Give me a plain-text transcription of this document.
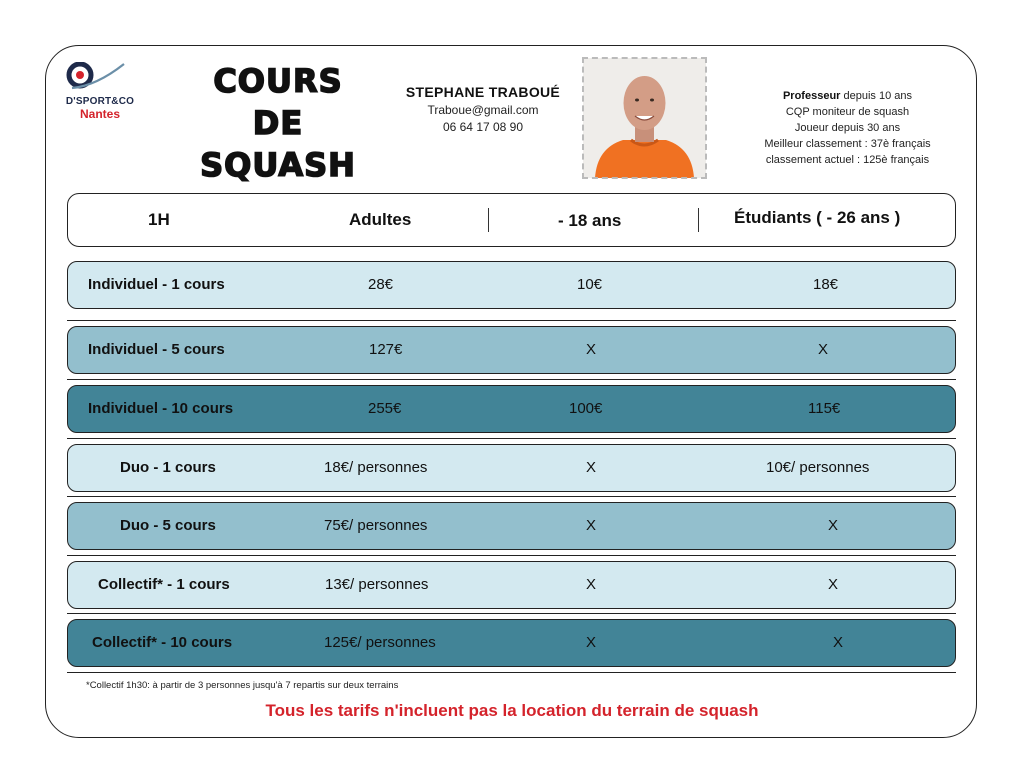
D'SPORT&CO
Nantes
COURS
DE
SQUASH
STEPHANE TRABOUÉ
Traboue@gmail.com
06 64 17 08 90
Professeur depuis 10 ans
CQP moniteur de squash
Joueur depuis 30 ans
Meilleur classement : 37è français
classement actuel : 125è français
1H	Adultes	- 18 ans	Étudiants ( - 26 ans )
Individuel - 1 cours	28€	10€	18€
Individuel - 5 cours	127€	X	X
Individuel - 10 cours	255€	100€	115€
Duo - 1 cours	18€/ personnes	X	10€/ personnes
Duo - 5 cours	75€/ personnes	X	X
Collectif* - 1 cours	13€/ personnes	X	X
Collectif* - 10 cours	125€/ personnes	X	X
*Collectif 1h30: à partir de 3 personnes jusqu'à 7 repartis sur deux terrains
Tous les tarifs n'incluent pas la location du terrain de squash
